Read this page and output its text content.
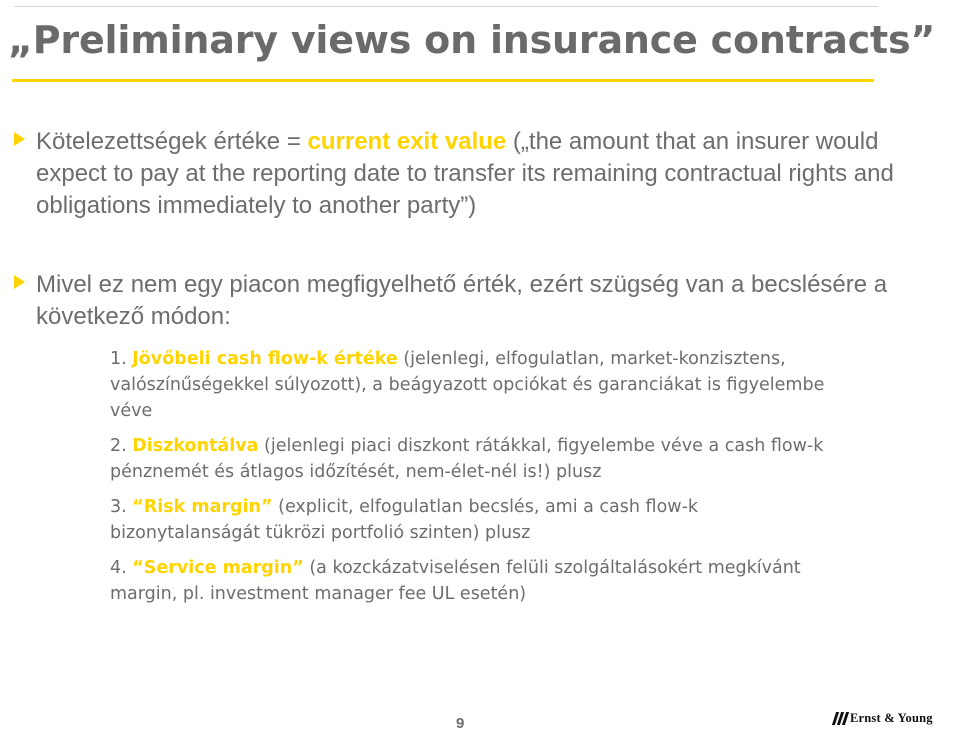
„Preliminary views on insurance contracts”
Kötelezettségek értéke = current exit value („the amount that an insurer would expect to pay at the reporting date to transfer its remaining contractual rights and obligations immediately to another party”)
Mivel ez nem egy piacon megfigyelhető érték, ezért szügség van a becslésére a következő módon:
1. Jövőbeli cash flow-k értéke (jelenlegi, elfogulatlan, market-konzisztens, valószínűségekkel súlyozott), a beágyazott opciókat és garanciákat is figyelembe véve
2. Diszkontálva (jelenlegi piaci diszkont rátákkal, figyelembe véve a cash flow-k pénznemét és átlagos időzítését, nem-élet-nél is!) plusz
3. “Risk margin” (explicit, elfogulatlan becslés, ami a cash flow-k bizonytalanságát tükrözi portfolió szinten) plusz
4. “Service margin” (a kozckázatviselésen felüli szolgáltalásokért megkívánt margin, pl. investment manager fee UL esetén)
9	Ernst & Young
